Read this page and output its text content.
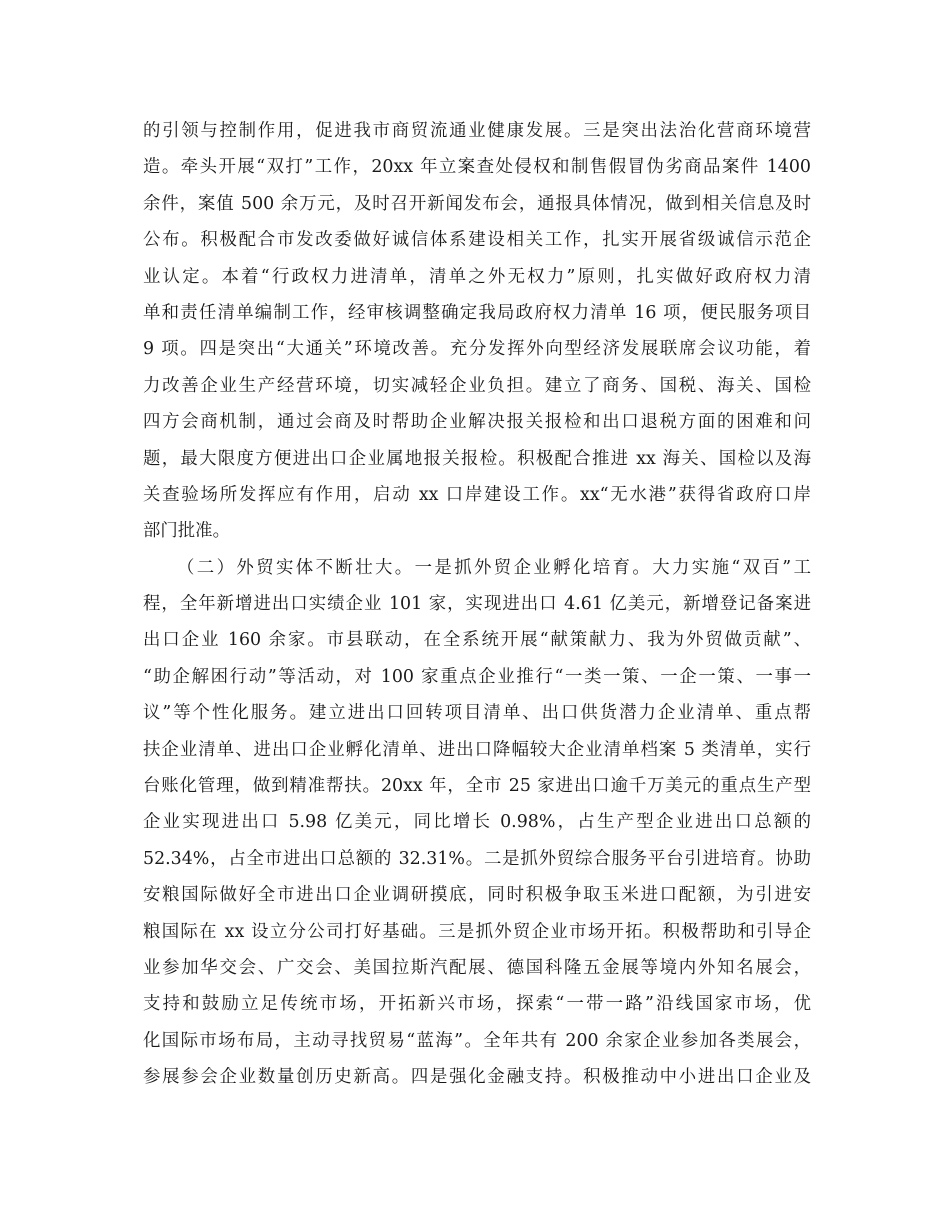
的引领与控制作用，促进我市商贸流通业健康发展。三是突出法治化营商环境营
造。牵头开展“双打”工作，20xx 年立案查处侵权和制售假冒伪劣商品案件 1400
余件，案值 500 余万元，及时召开新闻发布会，通报具体情况，做到相关信息及时
公布。积极配合市发改委做好诚信体系建设相关工作，扎实开展省级诚信示范企
业认定。本着“行政权力进清单，清单之外无权力”原则，扎实做好政府权力清
单和责任清单编制工作，经审核调整确定我局政府权力清单 16 项，便民服务项目
9 项。四是突出“大通关”环境改善。充分发挥外向型经济发展联席会议功能，着
力改善企业生产经营环境，切实减轻企业负担。建立了商务、国税、海关、国检
四方会商机制，通过会商及时帮助企业解决报关报检和出口退税方面的困难和问
题，最大限度方便进出口企业属地报关报检。积极配合推进 xx 海关、国检以及海
关查验场所发挥应有作用，启动 xx 口岸建设工作。xx“无水港”获得省政府口岸
部门批准。
（二）外贸实体不断壮大。一是抓外贸企业孵化培育。大力实施“双百”工
程，全年新增进出口实绩企业 101 家，实现进出口 4.61 亿美元，新增登记备案进
出口企业 160 余家。市县联动，在全系统开展“献策献力、我为外贸做贡献”、
“助企解困行动”等活动，对 100 家重点企业推行“一类一策、一企一策、一事一
议”等个性化服务。建立进出口回转项目清单、出口供货潜力企业清单、重点帮
扶企业清单、进出口企业孵化清单、进出口降幅较大企业清单档案 5 类清单，实行
台账化管理，做到精准帮扶。20xx 年，全市 25 家进出口逾千万美元的重点生产型
企业实现进出口 5.98 亿美元，同比增长 0.98%，占生产型企业进出口总额的
52.34%，占全市进出口总额的 32.31%。二是抓外贸综合服务平台引进培育。协助
安粮国际做好全市进出口企业调研摸底，同时积极争取玉米进口配额，为引进安
粮国际在 xx 设立分公司打好基础。三是抓外贸企业市场开拓。积极帮助和引导企
业参加华交会、广交会、美国拉斯汽配展、德国科隆五金展等境内外知名展会，
支持和鼓励立足传统市场，开拓新兴市场，探索“一带一路”沿线国家市场，优
化国际市场布局，主动寻找贸易“蓝海”。全年共有 200 余家企业参加各类展会，
参展参会企业数量创历史新高。四是强化金融支持。积极推动中小进出口企业及
